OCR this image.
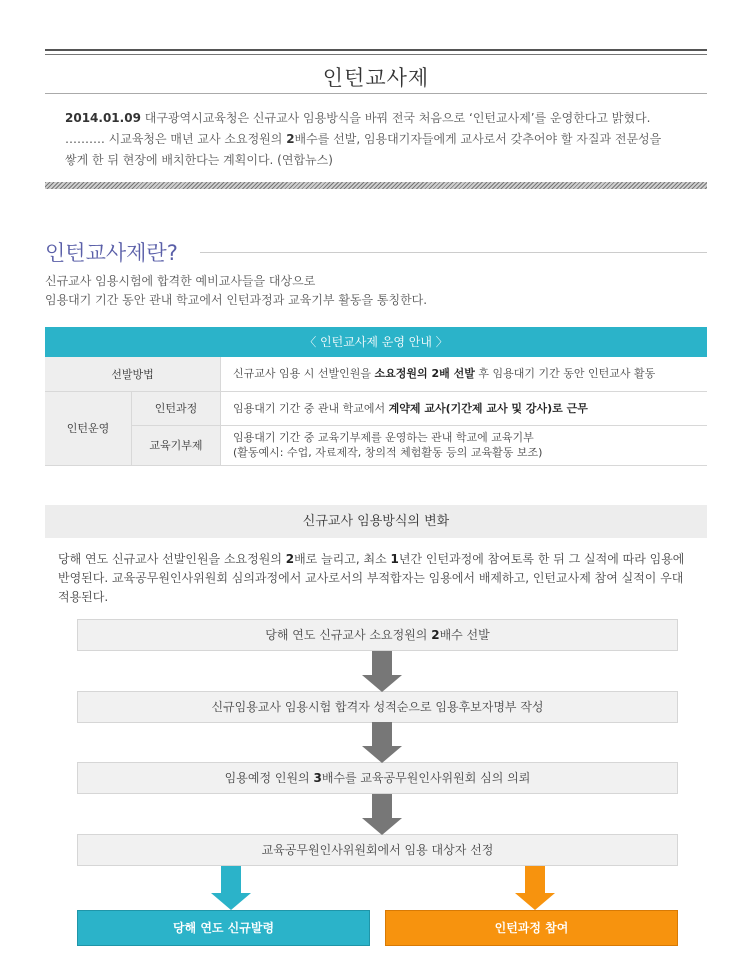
인턴교사제
2014.01.09 대구광역시교육청은 신규교사 임용방식을 바꿔 전국 처음으로 ‘인턴교사제’를 운영한다고 밝혔다.
………. 시교육청은 매년 교사 소요정원의 2배수를 선발, 임용대기자들에게 교사로서 갖추어야 할 자질과 전문성을
쌓게 한 뒤 현장에 배치한다는 계획이다. (연합뉴스)
인턴교사제란?
신규교사 임용시험에 합격한 예비교사들을 대상으로
임용대기 기간 동안 관내 학교에서 인턴과정과 교육기부 활동을 통칭한다.
〈 인턴교사제 운영 안내 〉
선발방법		신규교사 임용 시 선발인원을 소요정원의 2배 선발 후 임용대기 기간 동안 인턴교사 활동
인턴운영	인턴과정	임용대기 기간 중 관내 학교에서 계약제 교사(기간제 교사 및 강사)로 근무
	교육기부제	임용대기 기간 중 교육기부제를 운영하는 관내 학교에 교육기부
(활동예시: 수업, 자료제작, 창의적 체험활동 등의 교육활동 보조)
신규교사 임용방식의 변화
당해 연도 신규교사 선발인원을 소요정원의 2배로 늘리고, 최소 1년간 인턴과정에 참여토록 한 뒤 그 실적에 따라 임용에
반영된다. 교육공무원인사위원회 심의과정에서 교사로서의 부적합자는 임용에서 배제하고, 인턴교사제 참여 실적이 우대
적용된다.
당해 연도 신규교사 소요정원의 2배수 선발
신규임용교사 임용시험 합격자 성적순으로 임용후보자명부 작성
임용예정 인원의 3배수를 교육공무원인사위원회 심의 의뢰
교육공무원인사위원회에서 임용 대상자 선정
당해 연도 신규발령	인턴과정 참여
